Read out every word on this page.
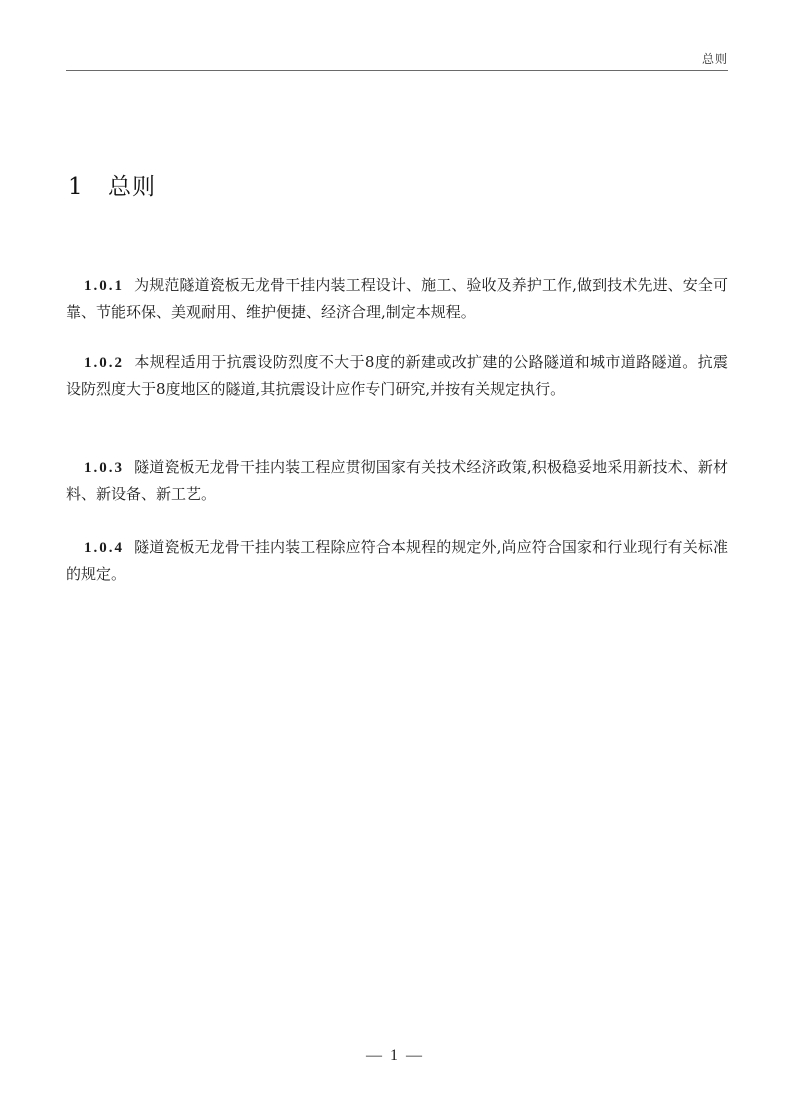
总则
1 总则

1.0.1 为规范隧道瓷板无龙骨干挂内装工程设计、施工、验收及养护工作,做到技术先进、安全可靠、节能环保、美观耐用、维护便捷、经济合理,制定本规程。

1.0.2 本规程适用于抗震设防烈度不大于8度的新建或改扩建的公路隧道和城市道路隧道。抗震设防烈度大于8度地区的隧道,其抗震设计应作专门研究,并按有关规定执行。

1.0.3 隧道瓷板无龙骨干挂内装工程应贯彻国家有关技术经济政策,积极稳妥地采用新技术、新材料、新设备、新工艺。

1.0.4 隧道瓷板无龙骨干挂内装工程除应符合本规程的规定外,尚应符合国家和行业现行有关标准的规定。

— 1 —
